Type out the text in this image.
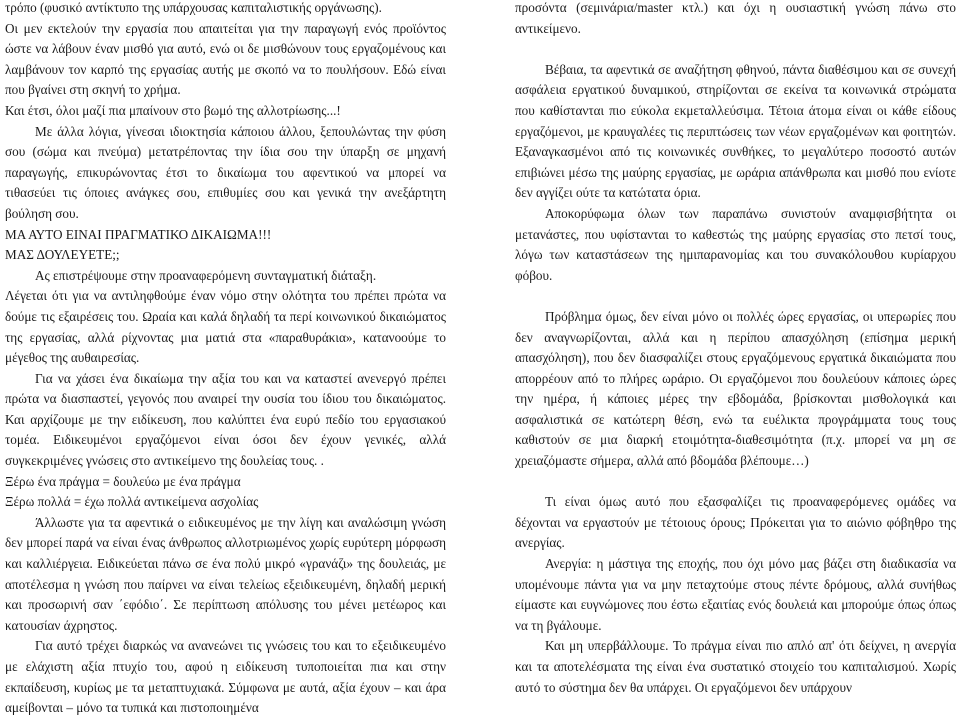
τρόπο (φυσικό αντίκτυπο της υπάρχουσας καπιταλιστικής οργάνωσης).

Οι μεν εκτελούν την εργασία που απαιτείται για την παραγωγή ενός προϊόντος ώστε να λάβουν έναν μισθό για αυτό, ενώ οι δε μισθώνουν τους εργαζομένους και λαμβάνουν τον καρπό της εργασίας αυτής με σκοπό να το πουλήσουν. Εδώ είναι που βγαίνει στη σκηνή το χρήμα.

Και έτσι, όλοι μαζί πια μπαίνουν στο βωμό της αλλοτρίωσης...!

Με άλλα λόγια, γίνεσαι ιδιοκτησία κάποιου άλλου, ξεπουλώντας την φύση σου (σώμα και πνεύμα) μετατρέποντας την ίδια σου την ύπαρξη σε μηχανή παραγωγής, επικυρώνοντας έτσι το δικαίωμα του αφεντικού να μπορεί να τιθασεύει τις όποιες ανάγκες σου, επιθυμίες σου και γενικά την ανεξάρτητη βούληση σου.

ΜΑ ΑΥΤΟ ΕΙΝΑΙ ΠΡΑΓΜΑΤΙΚΟ ΔΙΚΑΙΩΜΑ!!!

ΜΑΣ ΔΟΥΛΕΥΕΤΕ;;

Ας επιστρέψουμε στην προαναφερόμενη συνταγματική διάταξη.

Λέγεται ότι για να αντιληφθούμε έναν νόμο στην ολότητα του πρέπει πρώτα να δούμε τις εξαιρέσεις του. Ωραία και καλά δηλαδή τα περί κοινωνικού δικαιώματος της εργασίας, αλλά ρίχνοντας μια ματιά στα «παραθυράκια», κατανοούμε το μέγεθος της αυθαιρεσίας.

Για να χάσει ένα δικαίωμα την αξία του και να καταστεί ανενεργό πρέπει πρώτα να διασπαστεί, γεγονός που αναιρεί την ουσία του ίδιου του δικαιώματος. Και αρχίζουμε με την ειδίκευση, που καλύπτει ένα ευρύ πεδίο του εργασιακού τομέα. Ειδικευμένοι εργαζόμενοι είναι όσοι δεν έχουν γενικές, αλλά συγκεκριμένες γνώσεις στο αντικείμενο της δουλείας τους. .

Ξέρω ένα πράγμα = δουλεύω με ένα πράγμα

Ξέρω πολλά = έχω πολλά αντικείμενα ασχολίας

Άλλωστε για τα αφεντικά ο ειδικευμένος με την λίγη και αναλώσιμη γνώση δεν μπορεί παρά να είναι ένας άνθρωπος αλλοτριωμένος χωρίς ευρύτερη μόρφωση και καλλιέργεια. Ειδικεύεται πάνω σε ένα πολύ μικρό «γρανάζι» της δουλειάς, με αποτέλεσμα η γνώση που παίρνει να είναι τελείως εξειδικευμένη, δηλαδή μερική και προσωρινή σαν ΄εφόδιο΄. Σε περίπτωση απόλυσης του μένει μετέωρος και κατουσίαν άχρηστος.

Για αυτό τρέχει διαρκώς να ανανεώνει τις γνώσεις του και το εξειδικευμένο με ελάχιστη αξία πτυχίο του, αφού η ειδίκευση τυποποιείται πια και στην εκπαίδευση, κυρίως με τα μεταπτυχιακά. Σύμφωνα με αυτά, αξία έχουν – και άρα αμείβονται – μόνο τα τυπικά και πιστοποιημένα

προσόντα (σεμινάρια/master κτλ.) και όχι η ουσιαστική γνώση πάνω στο αντικείμενο.

Βέβαια, τα αφεντικά σε αναζήτηση φθηνού, πάντα διαθέσιμου και σε συνεχή ασφάλεια εργατικού δυναμικού, στηρίζονται σε εκείνα τα κοινωνικά στρώματα που καθίστανται πιο εύκολα εκμεταλλεύσιμα. Τέτοια άτομα είναι οι κάθε είδους εργαζόμενοι, με κραυγαλέες τις περιπτώσεις των νέων εργαζομένων και φοιτητών. Εξαναγκασμένοι από τις κοινωνικές συνθήκες, το μεγαλύτερο ποσοστό αυτών επιβιώνει μέσω της μαύρης εργασίας, με ωράρια απάνθρωπα και μισθό που ενίοτε δεν αγγίζει ούτε τα κατώτατα όρια.

Αποκορύφωμα όλων των παραπάνω συνιστούν αναμφισβήτητα οι μετανάστες, που υφίστανται το καθεστώς της μαύρης εργασίας στο πετσί τους, λόγω των καταστάσεων της ημιπαρανομίας και του συνακόλουθου κυρίαρχου φόβου.

Πρόβλημα όμως, δεν είναι μόνο οι πολλές ώρες εργασίας, οι υπερωρίες που δεν αναγνωρίζονται, αλλά και η περίπου απασχόληση (επίσημα μερική απασχόληση), που δεν διασφαλίζει στους εργαζόμενους εργατικά δικαιώματα που απορρέουν από το πλήρες ωράριο. Οι εργαζόμενοι που δουλεύουν κάποιες ώρες την ημέρα, ή κάποιες μέρες την εβδομάδα, βρίσκονται μισθολογικά και ασφαλιστικά σε κατώτερη θέση, ενώ τα ευέλικτα προγράμματα τους τους καθιστούν σε μια διαρκή ετοιμότητα-διαθεσιμότητα (π.χ. μπορεί να μη σε χρειαζόμαστε σήμερα, αλλά από βδομάδα βλέπουμε…)

Τι είναι όμως αυτό που εξασφαλίζει τις προαναφερόμενες ομάδες να δέχονται να εργαστούν με τέτοιους όρους; Πρόκειται για το αιώνιο φόβηθρο της ανεργίας.

Ανεργία: η μάστιγα της εποχής, που όχι μόνο μας βάζει στη διαδικασία να υπομένουμε πάντα για να μην πεταχτούμε στους πέντε δρόμους, αλλά συνήθως είμαστε και ευγνώμονες που έστω εξαιτίας ενός δουλειά και μπορούμε όπως όπως να τη βγάλουμε.

Και μη υπερβάλλουμε. Το πράγμα είναι πιο απλό απ' ότι δείχνει, η ανεργία και τα αποτελέσματα της είναι ένα συστατικό στοιχείο του καπιταλισμού. Χωρίς αυτό το σύστημα δεν θα υπάρχει. Οι εργαζόμενοι δεν υπάρχουν
